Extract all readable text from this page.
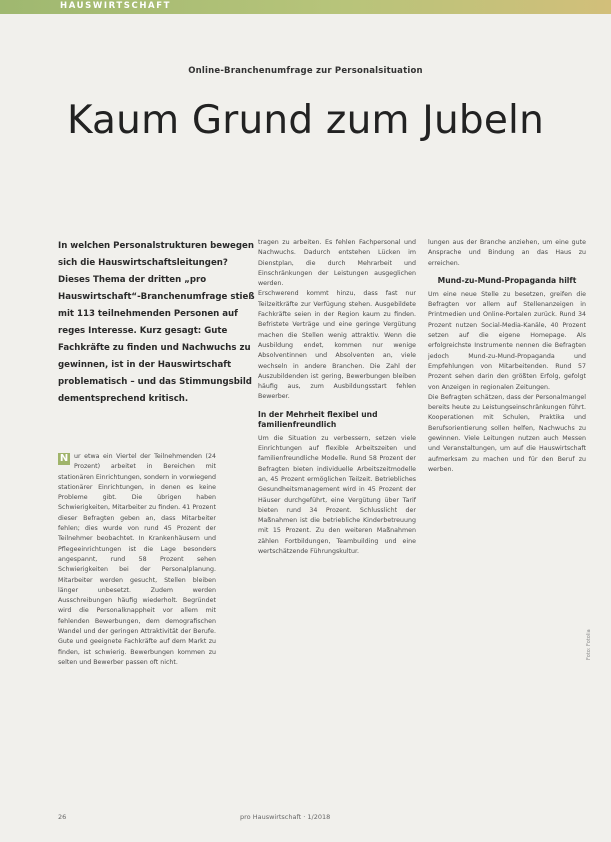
HAUSWIRTSCHAFT
Online-Branchenumfrage zur Personalsituation
Kaum Grund zum Jubeln
In welchen Personalstrukturen bewegen sich die Hauswirtschaftsleitungen? Dieses Thema der dritten „pro Hauswirtschaft“-Branchenumfrage stieß mit 113 teilnehmenden Personen auf reges Interesse. Kurz gesagt: Gute Fachkräfte zu finden und Nachwuchs zu gewinnen, ist in der Hauswirtschaft problematisch – und das Stimmungsbild dementsprechend kritisch.

N ur etwa ein Viertel der Teilnehmenden (24 Prozent) arbeitet in Bereichen mit stationären Einrichtungen, sondern in vorwiegend stationärer Einrichtungen, in denen es keine Probleme gibt. Die übrigen haben Schwierigkeiten, Mitarbeiter zu finden. 41 Prozent dieser Befragten geben an, dass Mitarbeiter fehlen; dies wurde von rund 45 Prozent der Teilnehmer beobachtet. In Krankenhäusern und Pflegeeinrichtungen ist die Lage besonders angespannt, rund 58 Prozent sehen Schwierigkeiten bei der Personalplanung. Mitarbeiter werden gesucht, Stellen bleiben länger unbesetzt. Zudem werden Ausschreibungen häufig wiederholt. Begründet wird die Personalknappheit vor allem mit fehlenden Bewerbungen, dem demografischen Wandel und der geringen Attraktivität der Berufe. Gute und geeignete Fachkräfte auf dem Markt zu finden, ist schwierig. Bewerbungen kommen zu selten und Bewerber passen oft nicht.

tragen zu arbeiten. Es fehlen Fachpersonal und Nachwuchs. Dadurch entstehen Lücken im Dienstplan, die durch Mehrarbeit und Einschränkungen der Leistungen ausgeglichen werden.

Erschwerend kommt hinzu, dass fast nur Teilzeitkräfte zur Verfügung stehen. Ausgebildete Fachkräfte seien in der Region kaum zu finden. Befristete Verträge und eine geringe Vergütung machen die Stellen wenig attraktiv. Wenn die Ausbildung endet, kommen nur wenige Absolventinnen und Absolventen an, viele wechseln in andere Branchen. Die Zahl der Auszubildenden ist gering, Bewerbungen bleiben häufig aus, zum Ausbildungsstart fehlen Bewerber.

In der Mehrheit flexibel und familienfreundlich

Um die Situation zu verbessern, setzen viele Einrichtungen auf flexible Arbeitszeiten und familienfreundliche Modelle. Rund 58 Prozent der Befragten bieten individuelle Arbeitszeitmodelle an, 45 Prozent ermöglichen Teilzeit. Betriebliches Gesundheitsmanagement wird in 45 Prozent der Häuser durchgeführt, eine Vergütung über Tarif bieten rund 34 Prozent. Schlusslicht der Maßnahmen ist die betriebliche Kinderbetreuung mit 15 Prozent. Zu den weiteren Maßnahmen zählen Fortbildungen, Teambuilding und eine wertschätzende Führungskultur.

lungen aus der Branche anziehen, um eine gute Ansprache und Bindung an das Haus zu erreichen.

Mund-zu-Mund-Propaganda hilft

Um eine neue Stelle zu besetzen, greifen die Befragten vor allem auf Stellenanzeigen in Printmedien und Online-Portalen zurück. Rund 34 Prozent nutzen Social-Media-Kanäle, 40 Prozent setzen auf die eigene Homepage. Als erfolgreichste Instrumente nennen die Befragten jedoch Mund-zu-Mund-Propaganda und Empfehlungen von Mitarbeitenden. Rund 57 Prozent sehen darin den größten Erfolg, gefolgt von Anzeigen in regionalen Zeitungen.

Die Befragten schätzen, dass der Personalmangel bereits heute zu Leistungseinschränkungen führt. Kooperationen mit Schulen, Praktika und Berufsorientierung sollen helfen, Nachwuchs zu gewinnen. Viele Leitungen nutzen auch Messen und Veranstaltungen, um auf die Hauswirtschaft aufmerksam zu machen und für den Beruf zu werben.

Foto: Fotolia
26	pro Hauswirtschaft · 1/2018
